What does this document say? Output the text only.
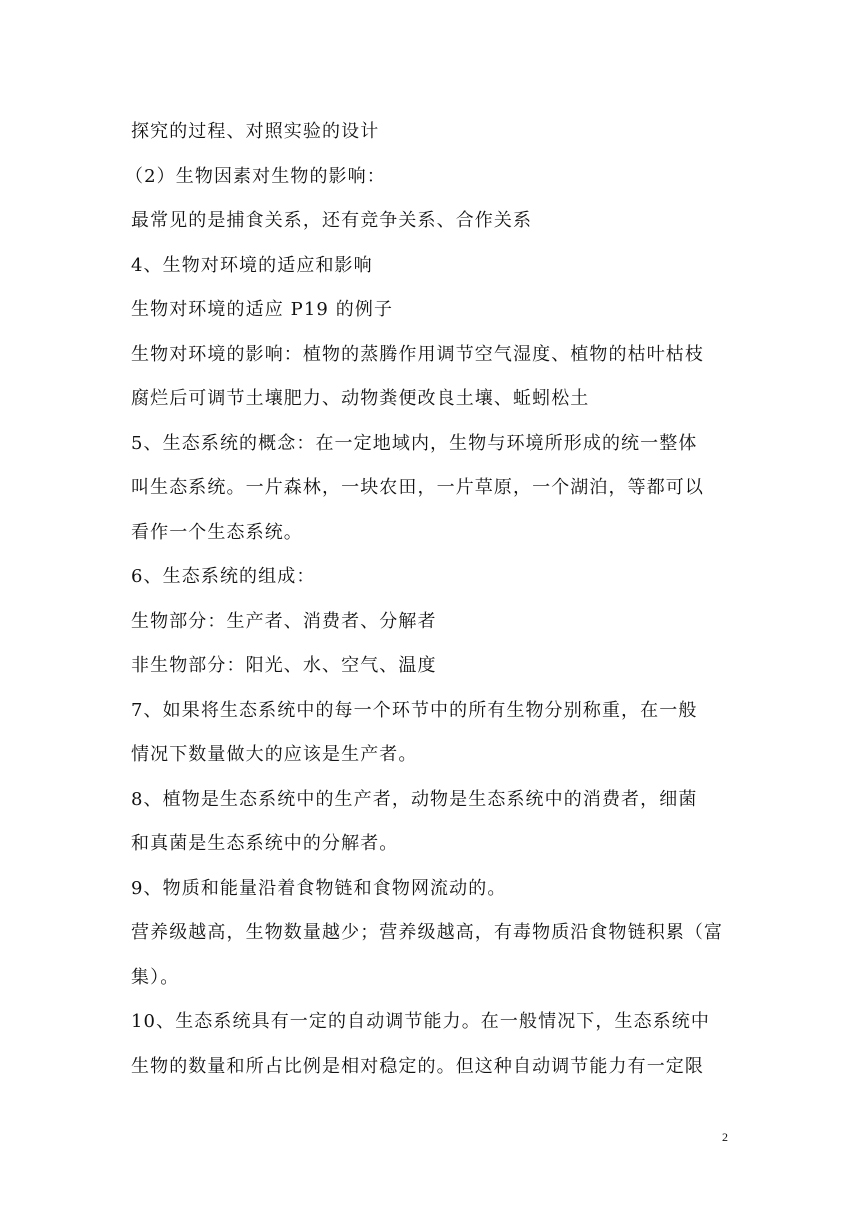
探究的过程、对照实验的设计
（2）生物因素对生物的影响：
最常见的是捕食关系，还有竞争关系、合作关系
4、生物对环境的适应和影响
生物对环境的适应 P19 的例子
生物对环境的影响：植物的蒸腾作用调节空气湿度、植物的枯叶枯枝
腐烂后可调节土壤肥力、动物粪便改良土壤、蚯蚓松土
5、生态系统的概念：在一定地域内，生物与环境所形成的统一整体
叫生态系统。一片森林，一块农田，一片草原，一个湖泊，等都可以
看作一个生态系统。
6、生态系统的组成：
生物部分：生产者、消费者、分解者
非生物部分：阳光、水、空气、温度
7、如果将生态系统中的每一个环节中的所有生物分别称重，在一般
情况下数量做大的应该是生产者。
8、植物是生态系统中的生产者，动物是生态系统中的消费者，细菌
和真菌是生态系统中的分解者。
9、物质和能量沿着食物链和食物网流动的。
营养级越高，生物数量越少；营养级越高，有毒物质沿食物链积累（富
集）。
10、生态系统具有一定的自动调节能力。在一般情况下，生态系统中
生物的数量和所占比例是相对稳定的。但这种自动调节能力有一定限
2
